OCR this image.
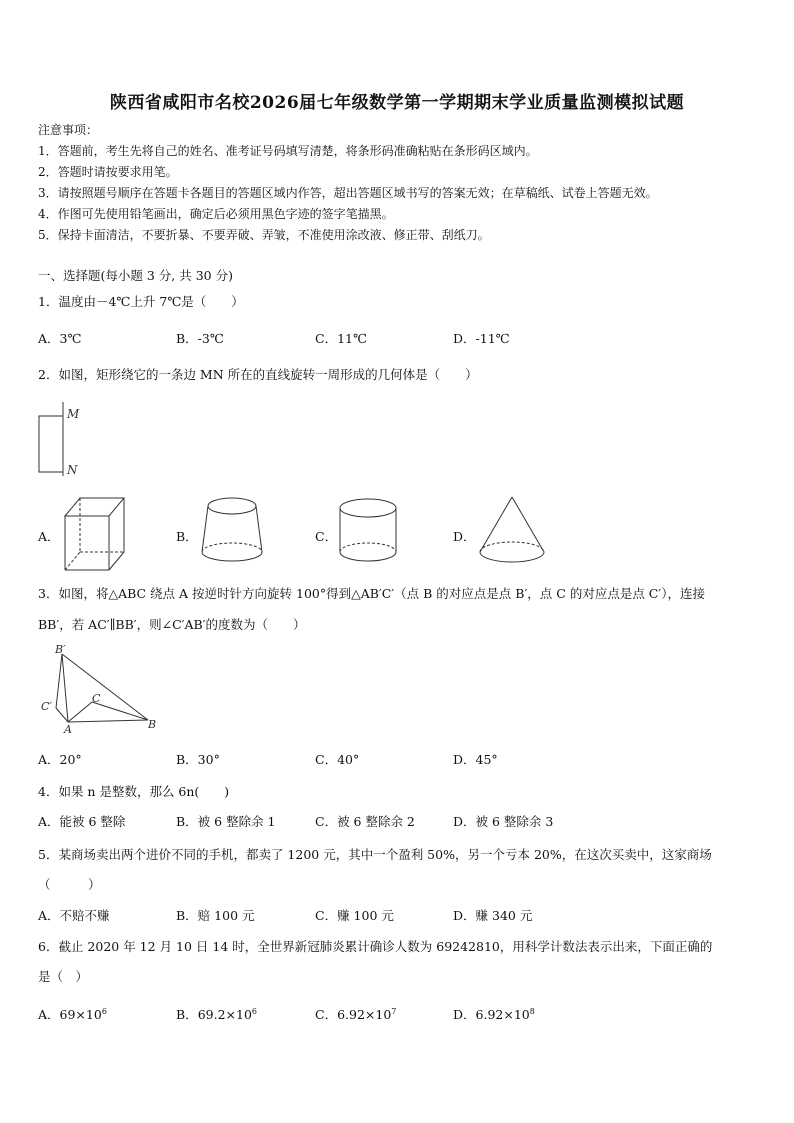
陕西省咸阳市名校2026届七年级数学第一学期期末学业质量监测模拟试题
注意事项：
1．答题前，考生先将自己的姓名、准考证号码填写清楚，将条形码准确粘贴在条形码区域内。
2．答题时请按要求用笔。
3．请按照题号顺序在答题卡各题目的答题区域内作答，超出答题区域书写的答案无效；在草稿纸、试卷上答题无效。
4．作图可先使用铅笔画出，确定后必须用黑色字迹的签字笔描黑。
5．保持卡面清洁，不要折暴、不要弄破、弄皱，不准使用涂改液、修正带、刮纸刀。
一、选择题(每小题 3 分, 共 30 分)
1．温度由－4℃上升 7℃是（　　）
A．3℃	B．-3℃	C．11℃	D．-11℃
2．如图，矩形绕它的一条边 MN 所在的直线旋转一周形成的几何体是（　　）
M
N
A．	B．	C．	D．
3．如图，将△ABC 绕点 A 按逆时针方向旋转 100°得到△AB′C′（点 B 的对应点是点 B′，点 C 的对应点是点 C′），连接
BB′，若 AC′∥BB′，则∠C′AB′的度数为（　　）
B′
C
C′
A	B
A．20°	B．30°	C．40°	D．45°
4．如果 n 是整数，那么 6n(　　)
A．能被 6 整除	B．被 6 整除余 1	C．被 6 整除余 2	D．被 6 整除余 3
5．某商场卖出两个进价不同的手机，都卖了 1200 元，其中一个盈利 50%，另一个亏本 20%，在这次买卖中，这家商场
（　　　）
A．不赔不赚	B．赔 100 元	C．赚 100 元	D．赚 340 元
6．截止 2020 年 12 月 10 日 14 时，全世界新冠肺炎累计确诊人数为 69242810，用科学计数法表示出来，下面正确的
是（　）
A．$69\times 10^6$	B．$69.2\times 10^6$	C．$6.92\times 10^7$	D．$6.92\times 10^8$
